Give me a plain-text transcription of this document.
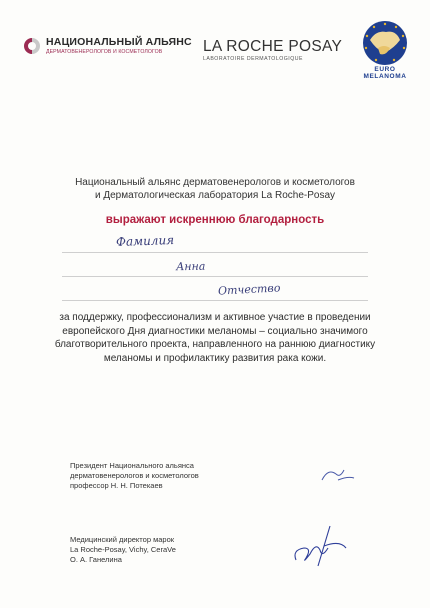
НАЦИОНАЛЬНЫЙ АЛЬЯНС
ДЕРМАТОВЕНЕРОЛОГОВ И КОСМЕТОЛОГОВ	LA ROCHE POSAY
LABORATOIRE DERMATOLOGIQUE
EURO MELANOMA
Национальный альянс дерматовенерологов и косметологов
и Дерматологическая лаборатория La Roche-Posay
выражают искреннюю благодарность
Фамилия
Анна
Отчество
за поддержку, профессионализм и активное участие в проведении
европейского Дня диагностики меланомы – социально значимого
благотворительного проекта, направленного на раннюю диагностику
меланомы и профилактику развития рака кожи.
Президент Национального альянса
дерматовенерологов и косметологов
профессор Н. Н. Потекаев
Медицинский директор марок
La Roche-Posay, Vichy, CeraVe
О. А. Ганелина
